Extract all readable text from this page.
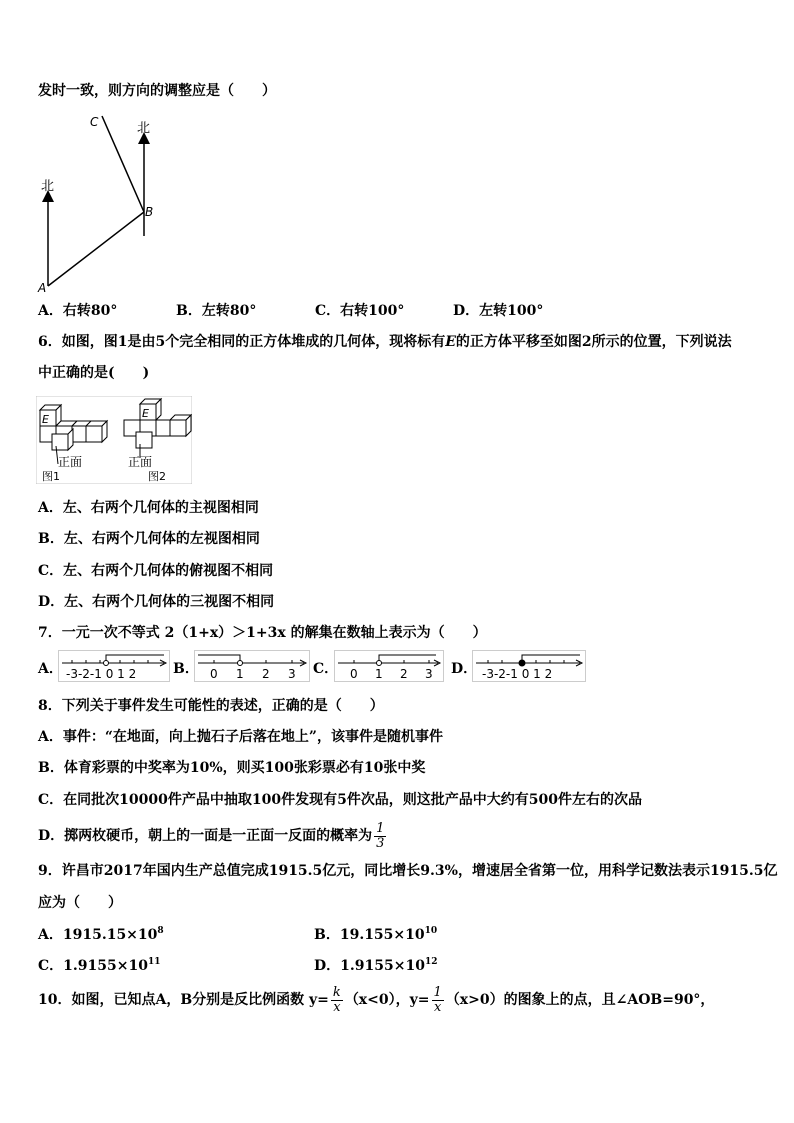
发时一致，则方向的调整应是（　　）
北
北
C
B
A
A．右转80°	B．左转80°	C．右转100°	D．左转100°
6．如图，图1是由5个完全相同的正方体堆成的几何体，现将标有E的正方体平移至如图2所示的位置，下列说法
中正确的是(　　)
E
正面
图1
E
正面
图2
A．左、右两个几何体的主视图相同
B．左、右两个几何体的左视图相同
C．左、右两个几何体的俯视图不相同
D．左、右两个几何体的三视图不相同
7．一元一次不等式 2（1+x）＞1+3x 的解集在数轴上表示为（　　）
A． -3-2-1 0 1 2	B． 0 1 2 3 C． 0 1 2 3 D． -3-2-1 0 1 2
8．下列关于事件发生可能性的表述，正确的是（　　）
A．事件：“在地面，向上抛石子后落在地上”，该事件是随机事件
B．体育彩票的中奖率为10%，则买100张彩票必有10张中奖
C．在同批次10000件产品中抽取100件发现有5件次品，则这批产品中大约有500件左右的次品
D．掷两枚硬币，朝上的一面是一正面一反面的概率为 $\frac{1}{3}$
9．许昌市2017年国内生产总值完成1915.5亿元，同比增长9.3%，增速居全省第一位，用科学记数法表示1915.5亿
应为（　　）
A．$1915.15\times 10^8$	B．$19.155\times 10^{10}$
C．$1.9155\times 10^{11}$	D．$1.9155\times 10^{12}$
10．如图，已知点A，B分别是反比例函数 $y= \frac{k}{x} (x<0)$，$y= \frac{1}{x} (x>0)$的图象上的点，且∠AOB=90°，
